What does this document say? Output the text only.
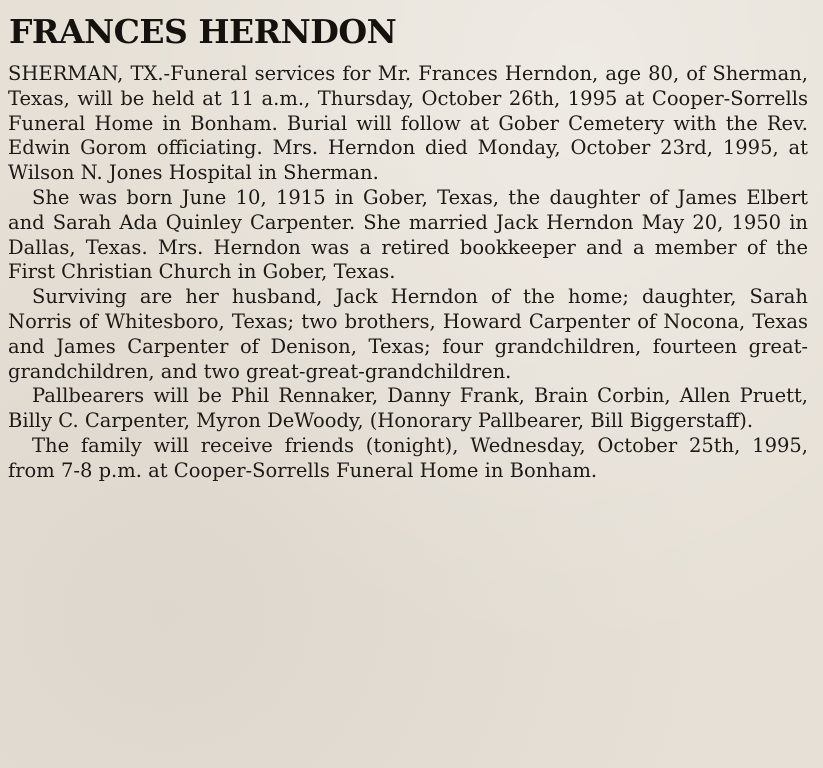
FRANCES HERNDON

SHERMAN, TX.-Funeral services for Mr. Frances Herndon, age 80, of Sherman, Texas, will be held at 11 a.m., Thursday, October 26th, 1995 at Cooper-Sorrells Funeral Home in Bonham. Burial will follow at Gober Cemetery with the Rev. Edwin Gorom officiating. Mrs. Herndon died Monday, October 23rd, 1995, at Wilson N. Jones Hospital in Sherman.

She was born June 10, 1915 in Gober, Texas, the daughter of James Elbert and Sarah Ada Quinley Carpenter. She married Jack Herndon May 20, 1950 in Dallas, Texas. Mrs. Herndon was a retired bookkeeper and a member of the First Christian Church in Gober, Texas.

Surviving are her husband, Jack Herndon of the home; daughter, Sarah Norris of Whitesboro, Texas; two brothers, Howard Carpenter of Nocona, Texas and James Carpenter of Denison, Texas; four grandchildren, fourteen great-grandchildren, and two great-great-grandchildren.

Pallbearers will be Phil Rennaker, Danny Frank, Brain Corbin, Allen Pruett, Billy C. Carpenter, Myron DeWoody, (Honorary Pallbearer, Bill Biggerstaff).

The family will receive friends (tonight), Wednesday, October 25th, 1995, from 7-8 p.m. at Cooper-Sorrells Funeral Home in Bonham.
